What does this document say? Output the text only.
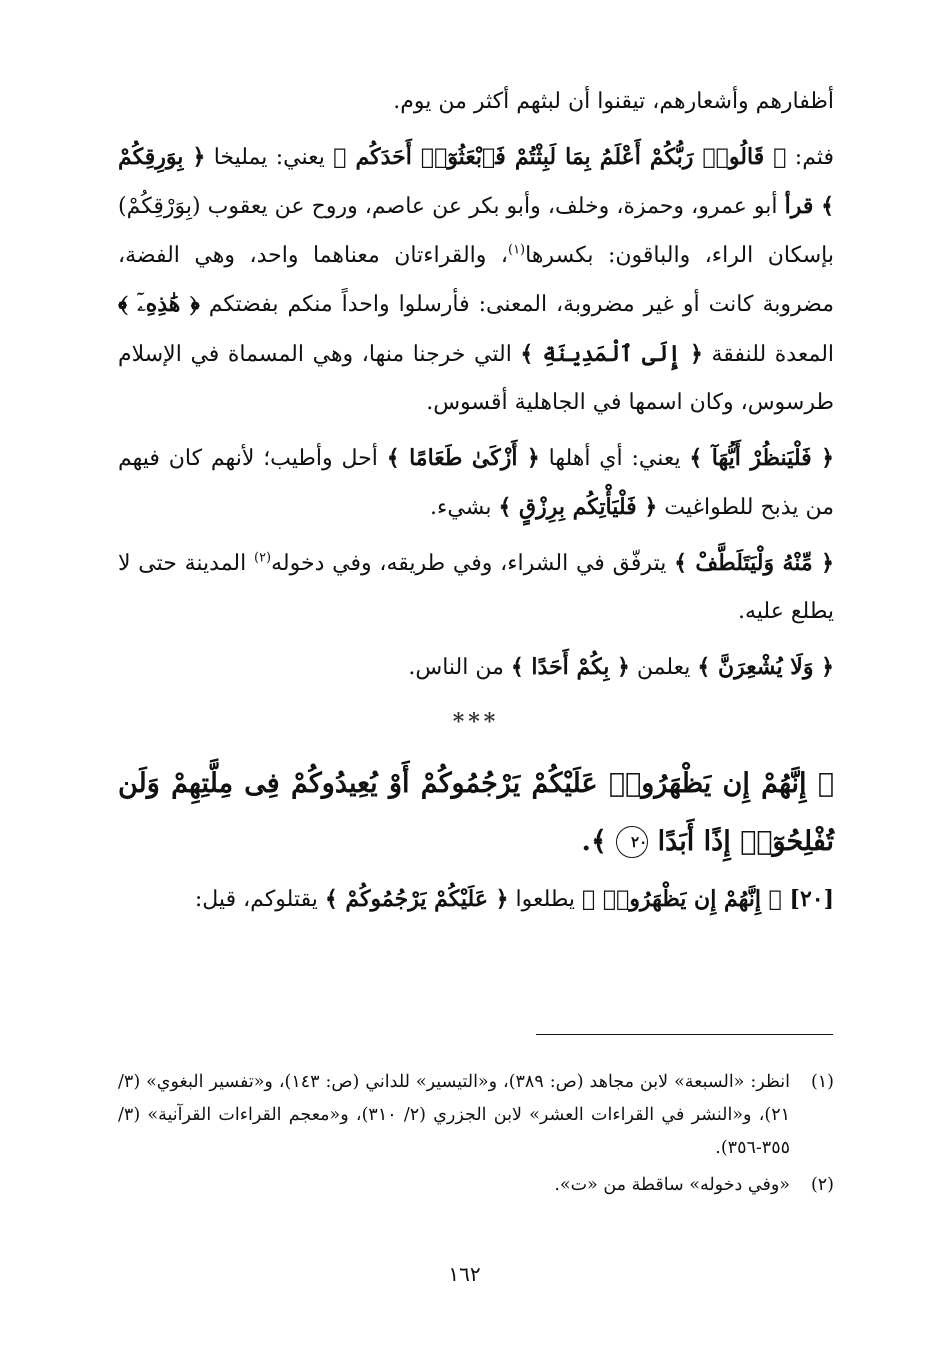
أظفارهم وأشعارهم، تيقنوا أن لبثهم أكثر من يوم.

فثم: ﴿ قَالُوا۟ رَبُّكُمْ أَعْلَمُ بِمَا لَبِثْتُمْ فَٱبْعَثُوٓا۟ أَحَدَكُم ﴾ يعني: يمليخا ﴿ بِوَرِقِكُمْ ﴾ قرأ أبو عمرو، وحمزة، وخلف، وأبو بكر عن عاصم، وروح عن يعقوب (بِوَرْقِكُمْ) بإسكان الراء، والباقون: بكسرها$^{(١)}$، والقراءتان معناهما واحد، وهي الفضة، مضروبة كانت أو غير مضروبة، المعنى: فأرسلوا واحداً منكم بفضتكم ﴿ هَٰذِهِۦٓ ﴾ المعدة للنفقة ﴿ إِلَى ٱلْمَدِينَةِ ﴾ التي خرجنا منها، وهي المسماة في الإسلام طرسوس، وكان اسمها في الجاهلية أقسوس.

﴿ فَلْيَنظُرْ أَيُّهَآ ﴾ يعني: أي أهلها ﴿ أَزْكَىٰ طَعَامًا ﴾ أحل وأطيب؛ لأنهم كان فيهم من يذبح للطواغيت ﴿ فَلْيَأْتِكُم بِرِزْقٍ ﴾ بشيء.

﴿ مِّنْهُ وَلْيَتَلَطَّفْ ﴾ يترفّق في الشراء، وفي طريقه، وفي دخوله$^{(٢)}$ المدينة حتى لا يطلع عليه.

﴿ وَلَا يُشْعِرَنَّ ﴾ يعلمن ﴿ بِكُمْ أَحَدًا ﴾ من الناس.

***

﴿ إِنَّهُمْ إِن يَظْهَرُوا۟ عَلَيْكُمْ يَرْجُمُوكُمْ أَوْ يُعِيدُوكُمْ فِى مِلَّتِهِمْ وَلَن تُفْلِحُوٓا۟ إِذًا أَبَدًا ٢٠ ﴾.

[٢٠] ﴿ إِنَّهُمْ إِن يَظْهَرُوا۟ ﴾ يطلعوا ﴿ عَلَيْكُمْ يَرْجُمُوكُمْ ﴾ يقتلوكم، قيل:

(١)
انظر: «السبعة» لابن مجاهد (ص: ٣٨٩)، و«التيسير» للداني (ص: ١٤٣)، و«تفسير البغوي» (٣/ ٢١)، و«النشر في القراءات العشر» لابن الجزري (٢/ ٣١٠)، و«معجم القراءات القرآنية» (٣/ ٣٥٥-٣٥٦).
(٢)
«وفي دخوله» ساقطة من «ت».
١٦٢
